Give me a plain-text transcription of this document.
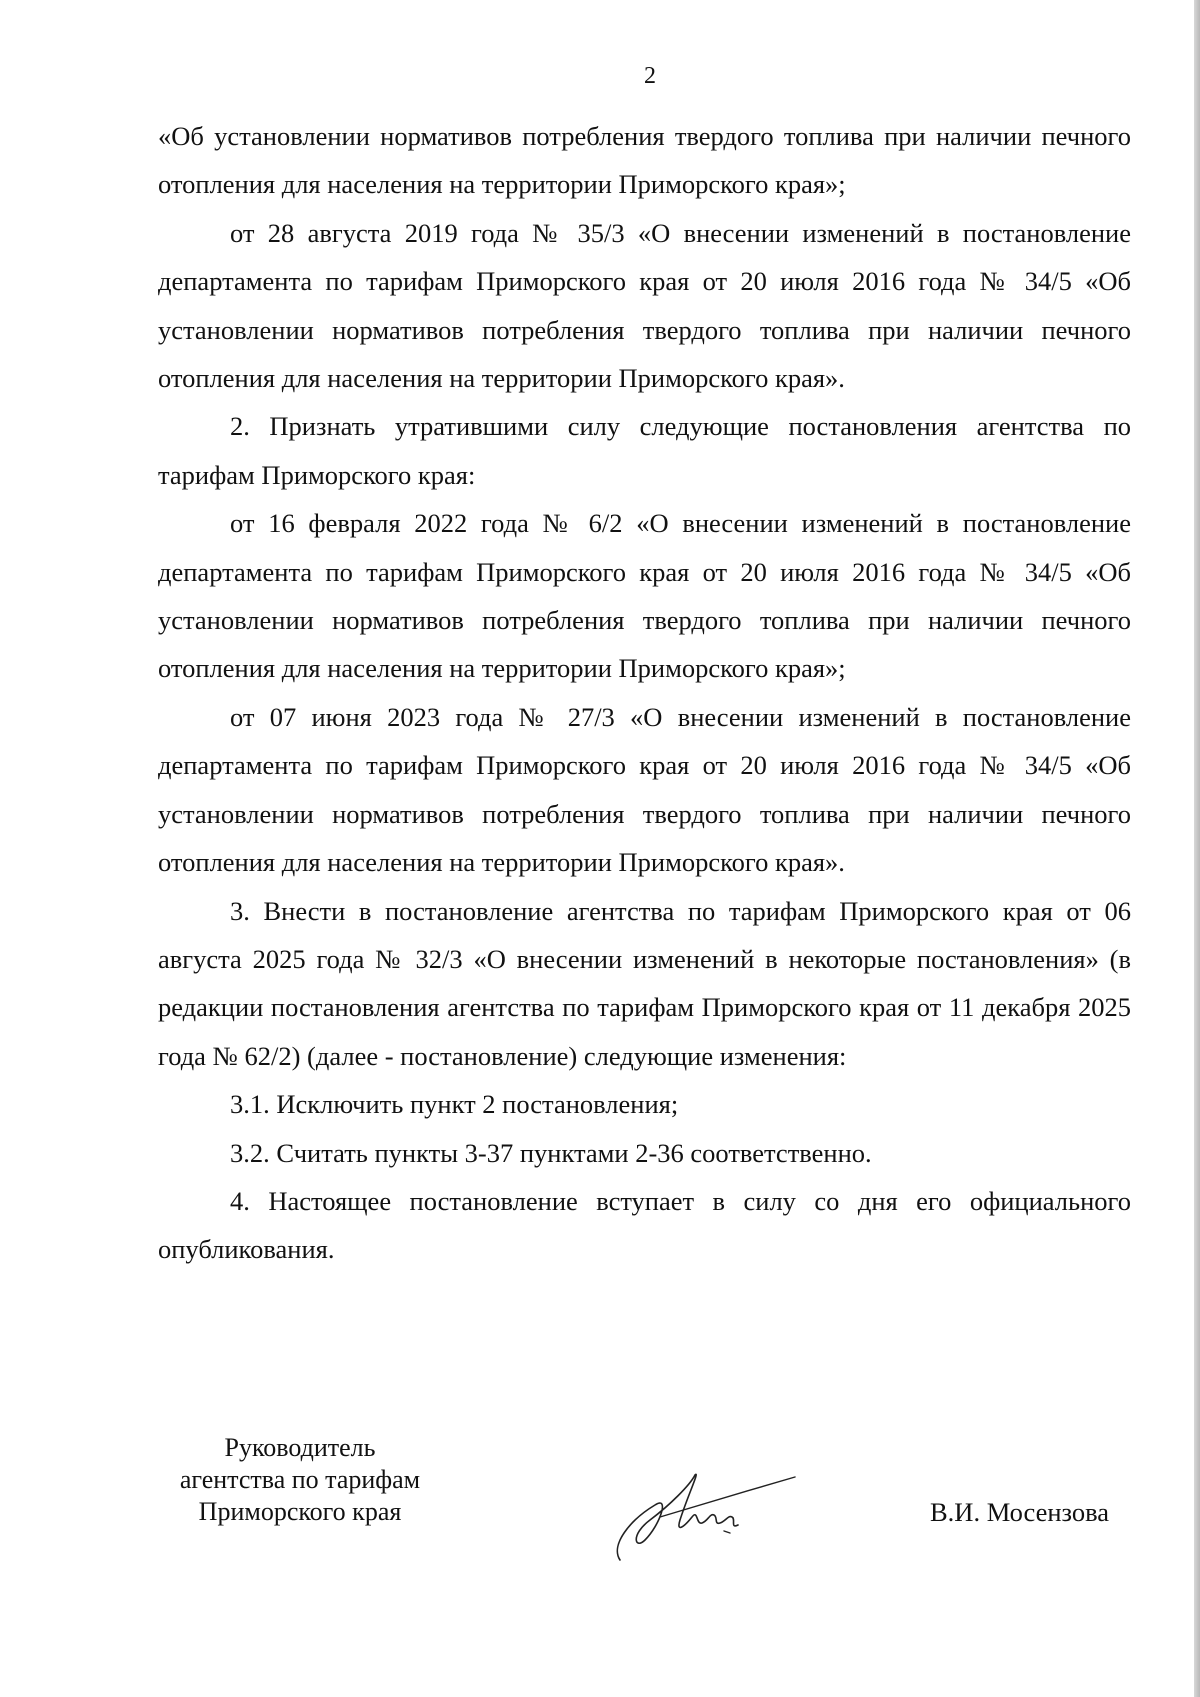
2

«Об установлении нормативов потребления твердого топлива при наличии печного отопления для населения на территории Приморского края»;

от 28 августа 2019 года № 35/3 «О внесении изменений в постановление департамента по тарифам Приморского края от 20 июля 2016 года № 34/5 «Об установлении нормативов потребления твердого топлива при наличии печного отопления для населения на территории Приморского края».

2. Признать утратившими силу следующие постановления агентства по тарифам Приморского края:

от 16 февраля 2022 года № 6/2 «О внесении изменений в постановление департамента по тарифам Приморского края от 20 июля 2016 года № 34/5 «Об установлении нормативов потребления твердого топлива при наличии печного отопления для населения на территории Приморского края»;

от 07 июня 2023 года № 27/3 «О внесении изменений в постановление департамента по тарифам Приморского края от 20 июля 2016 года № 34/5 «Об установлении нормативов потребления твердого топлива при наличии печного отопления для населения на территории Приморского края».

3. Внести в постановление агентства по тарифам Приморского края от 06 августа 2025 года № 32/3 «О внесении изменений в некоторые постановления» (в редакции постановления агентства по тарифам Приморского края от 11 декабря 2025 года № 62/2) (далее - постановление) следующие изменения:

3.1. Исключить пункт 2 постановления;

3.2. Считать пункты 3-37 пунктами 2-36 соответственно.

4. Настоящее постановление вступает в силу со дня его официального опубликования.

Руководитель
агентства по тарифам
Приморского края	В.И. Мосензова
